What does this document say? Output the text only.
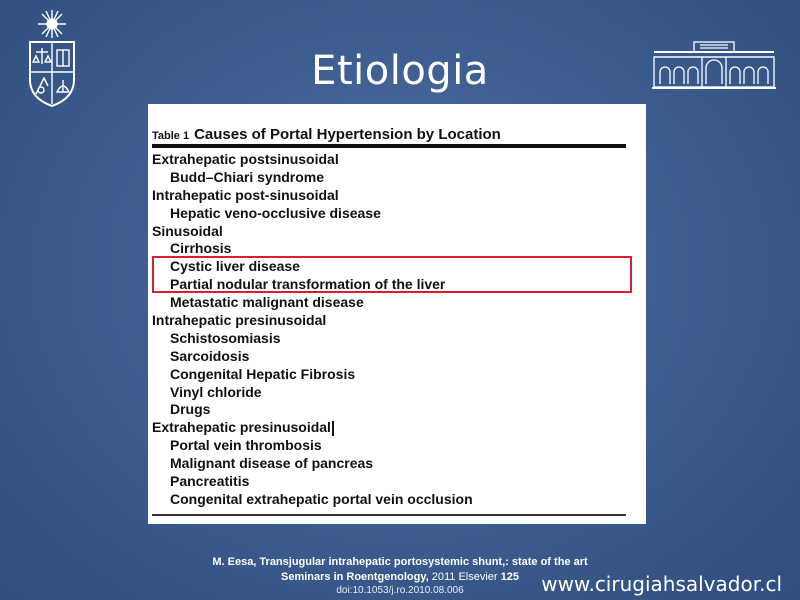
Etiologia
Table 1 Causes of Portal Hypertension by Location
Extrahepatic postsinusoidal
Budd–Chiari syndrome
Intrahepatic post-sinusoidal
Hepatic veno-occlusive disease
Sinusoidal
Cirrhosis
Cystic liver disease
Partial nodular transformation of the liver
Metastatic malignant disease
Intrahepatic presinusoidal
Schistosomiasis
Sarcoidosis
Congenital Hepatic Fibrosis
Vinyl chloride
Drugs
Extrahepatic presinusoidal
Portal vein thrombosis
Malignant disease of pancreas
Pancreatitis
Congenital extrahepatic portal vein occlusion
M. Eesa, Transjugular intrahepatic portosystemic shunt,: state of the art
Seminars in Roentgenology, 2011 Elsevier 125
doi:10.1053/j.ro.2010.08.006	www.cirugiahsalvador.cl
